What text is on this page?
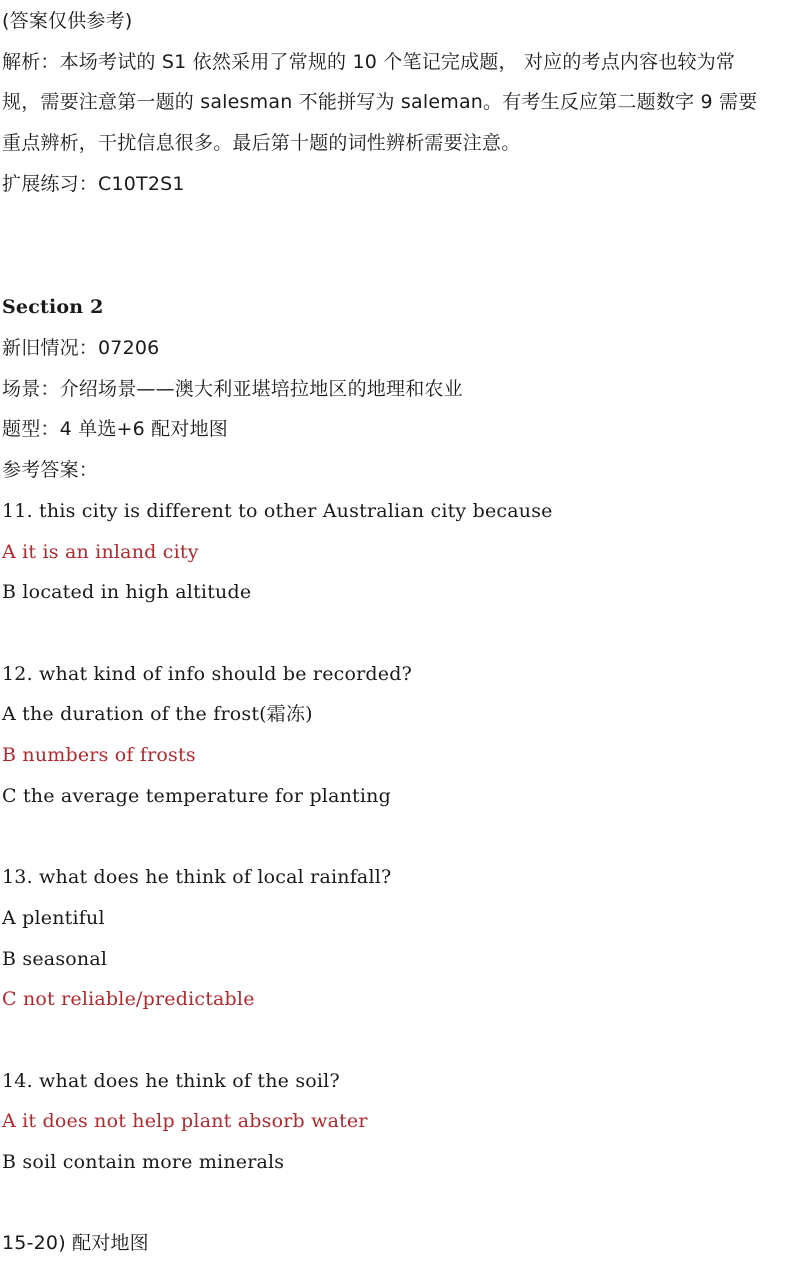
(答案仅供参考)
解析：本场考试的 S1 依然采用了常规的 10 个笔记完成题， 对应的考点内容也较为常
规，需要注意第一题的 salesman 不能拼写为 saleman。有考生反应第二题数字 9 需要
重点辨析，干扰信息很多。最后第十题的词性辨析需要注意。
扩展练习：C10T2S1
Section 2
新旧情况：07206
场景：介绍场景——澳大利亚堪培拉地区的地理和农业
题型：4 单选+6 配对地图
参考答案：
11. this city is different to other Australian city because
A it is an inland city
B located in high altitude
12. what kind of info should be recorded?
A the duration of the frost(霜冻)
B numbers of frosts
C the average temperature for planting
13. what does he think of local rainfall?
A plentiful
B seasonal
C not reliable/predictable
14. what does he think of the soil?
A it does not help plant absorb water
B soil contain more minerals
15-20) 配对地图
